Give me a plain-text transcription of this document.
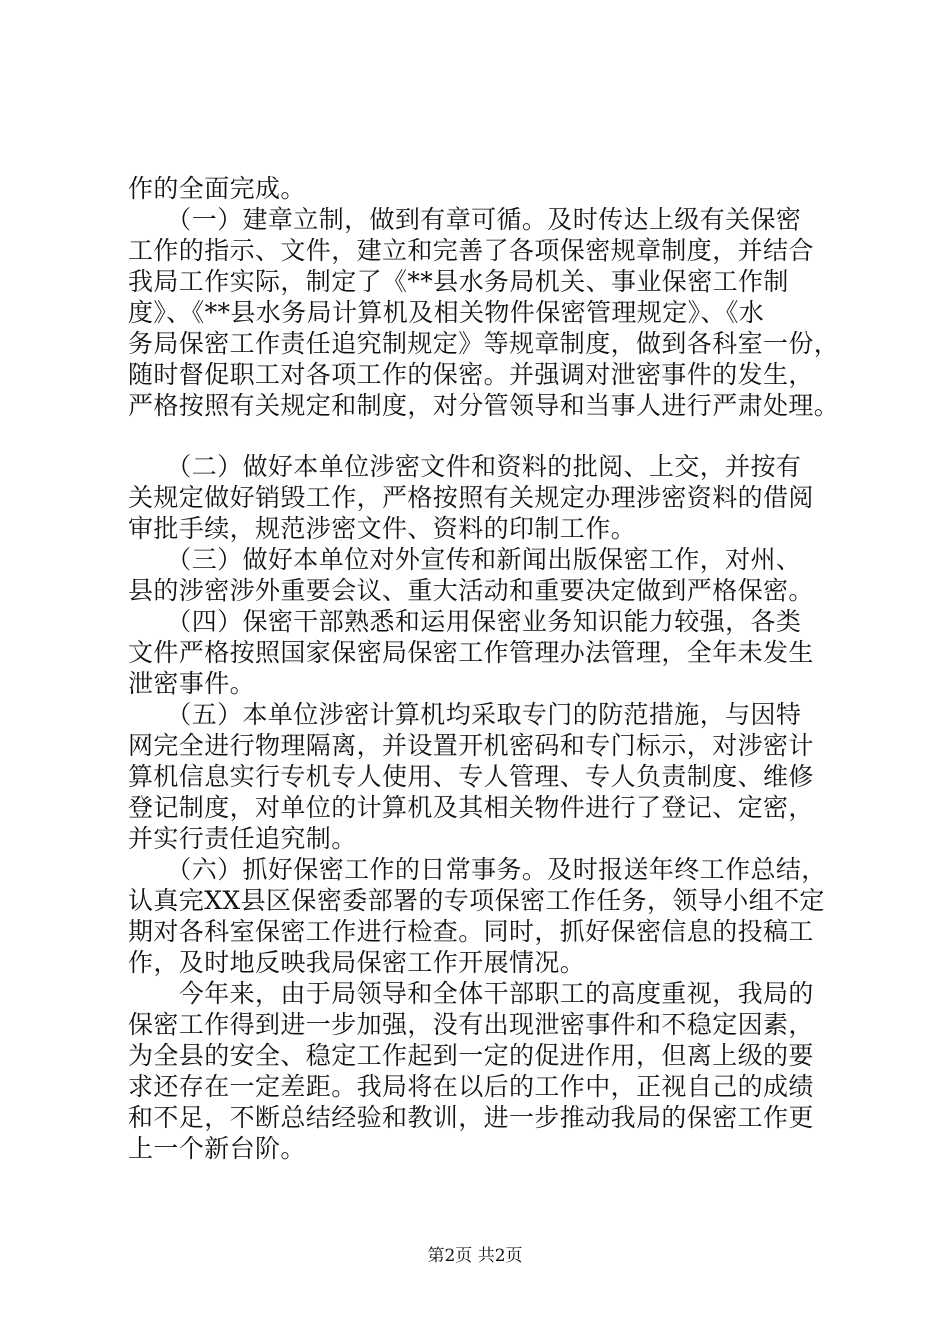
作的全面完成。
　　（一）建章立制，做到有章可循。及时传达上级有关保密
工作的指示、文件，建立和完善了各项保密规章制度，并结合
我局工作实际，制定了《**县水务局机关、事业保密工作制
度》、《**县水务局计算机及相关物件保密管理规定》、《水
务局保密工作责任追究制规定》等规章制度，做到各科室一份，
随时督促职工对各项工作的保密。并强调对泄密事件的发生，
严格按照有关规定和制度，对分管领导和当事人进行严肃处理。
　　（二）做好本单位涉密文件和资料的批阅、上交，并按有
关规定做好销毁工作，严格按照有关规定办理涉密资料的借阅
审批手续，规范涉密文件、资料的印制工作。
　　（三）做好本单位对外宣传和新闻出版保密工作，对州、
县的涉密涉外重要会议、重大活动和重要决定做到严格保密。
　　（四）保密干部熟悉和运用保密业务知识能力较强，各类
文件严格按照国家保密局保密工作管理办法管理，全年未发生
泄密事件。
　　（五）本单位涉密计算机均采取专门的防范措施，与因特
网完全进行物理隔离，并设置开机密码和专门标示，对涉密计
算机信息实行专机专人使用、专人管理、专人负责制度、维修
登记制度，对单位的计算机及其相关物件进行了登记、定密，
并实行责任追究制。
　　（六）抓好保密工作的日常事务。及时报送年终工作总结，
认真完XX县区保密委部署的专项保密工作任务，领导小组不定
期对各科室保密工作进行检查。同时，抓好保密信息的投稿工
作，及时地反映我局保密工作开展情况。
　　今年来，由于局领导和全体干部职工的高度重视，我局的
保密工作得到进一步加强，没有出现泄密事件和不稳定因素，
为全县的安全、稳定工作起到一定的促进作用，但离上级的要
求还存在一定差距。我局将在以后的工作中，正视自己的成绩
和不足，不断总结经验和教训，进一步推动我局的保密工作更
上一个新台阶。
第2页 共2页
